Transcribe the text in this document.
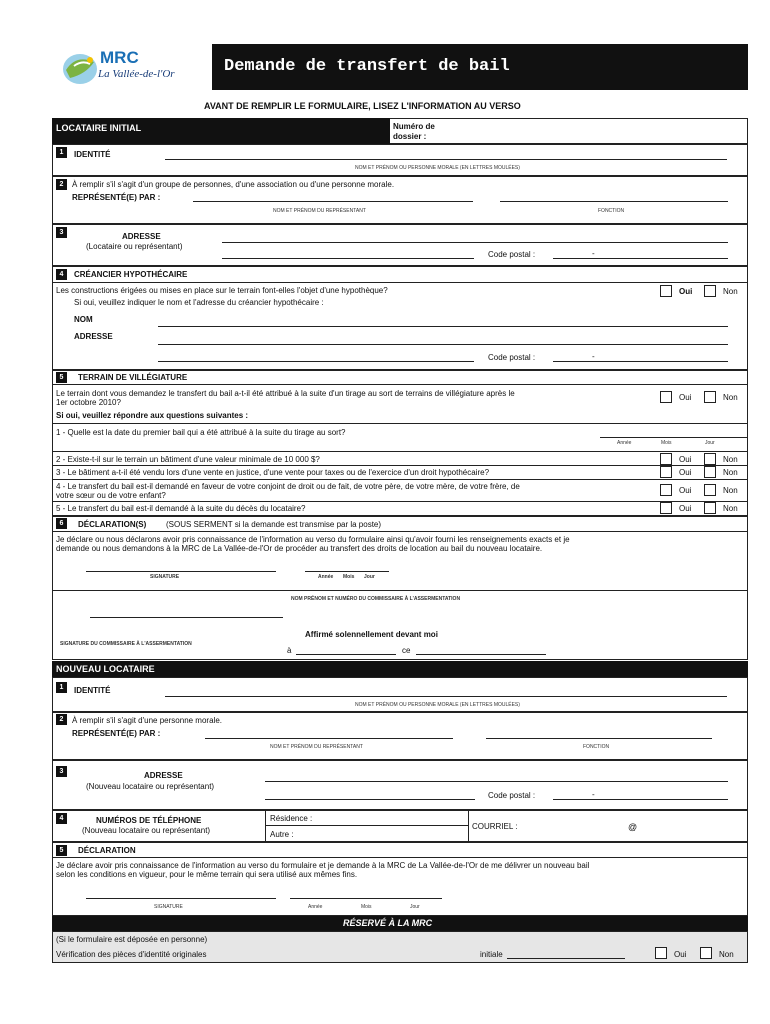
MRC
La Vallée-de-l'Or	Demande de transfert de bail
AVANT DE REMPLIR LE FORMULAIRE, LISEZ L'INFORMATION AU VERSO
LOCATAIRE INITIAL	Numéro de dossier :
1	IDENTITÉ
NOM ET PRÉNOM OU PERSONNE MORALE (EN LETTRES MOULÉES)
2	À remplir s'il s'agit d'un groupe de personnes, d'une association ou d'une personne morale.
REPRÉSENTÉ(E) PAR :
NOM ET PRÉNOM DU REPRÉSENTANT	FONCTION
3	ADRESSE
(Locataire ou représentant)
Code postal :	-
4	CRÉANCIER HYPOTHÉCAIRE
Les constructions érigées ou mises en place sur le terrain font-elles l'objet d'une hypothèque?
Si oui, veuillez indiquer le nom et l'adresse du créancier hypothécaire :
Oui	Non
NOM
ADRESSE
Code postal :	-
5	TERRAIN DE VILLÉGIATURE
Le terrain dont vous demandez le transfert du bail a-t-il été attribué à la suite d'un tirage au sort de terrains de villégiature après le
1er octobre 2010?
Oui	Non
Si oui, veuillez répondre aux questions suivantes :
1 - Quelle est la date du premier bail qui a été attribué à la suite du tirage au sort?
Année	Mois	Jour
2 - Existe-t-il sur le terrain un bâtiment d'une valeur minimale de 10 000 $?	Oui	Non
3 - Le bâtiment a-t-il été vendu lors d'une vente en justice, d'une vente pour taxes ou de l'exercice d'un droit hypothécaire?	Oui	Non
4 - Le transfert du bail est-il demandé en faveur de votre conjoint de droit ou de fait, de votre père, de votre mère, de votre frère, de
votre sœur ou de votre enfant?
Oui	Non
5 - Le transfert du bail est-il demandé à la suite du décès du locataire?	Oui	Non
6	DÉCLARATION(S) (SOUS SERMENT si la demande est transmise par la poste)
Je déclare ou nous déclarons avoir pris connaissance de l'information au verso du formulaire ainsi qu'avoir fourni les renseignements exacts et je
demande ou nous demandons à la MRC de La Vallée-de-l'Or de procéder au transfert des droits de location au bail du nouveau locataire.
SIGNATURE	Année Mois Jour
NOM PRÉNOM ET NUMÉRO DU COMMISSAIRE À L'ASSERMENTATION
Affirmé solennellement devant moi
SIGNATURE DU COMMISSAIRE À L'ASSERMENTATION
à	ce
NOUVEAU LOCATAIRE
1	IDENTITÉ
NOM ET PRÉNOM OU PERSONNE MORALE (EN LETTRES MOULÉES)
2	À remplir s'il s'agit d'une personne morale.
REPRÉSENTÉ(E) PAR :
NOM ET PRÉNOM DU REPRÉSENTANT	FONCTION
3	ADRESSE
(Nouveau locataire ou représentant)
Code postal :	-
4	NUMÉROS DE TÉLÉPHONE
(Nouveau locataire ou représentant)
Résidence :
Autre :
COURRIEL :	@
5	DÉCLARATION
Je déclare avoir pris connaissance de l'information au verso du formulaire et je demande à la MRC de La Vallée-de-l'Or de me délivrer un nouveau bail
selon les conditions en vigueur, pour le même terrain qui sera utilisé aux mêmes fins.
SIGNATURE	Année	Mois	Jour
RÉSERVÉ À LA MRC
(Si le formulaire est déposée en personne)
Vérification des pièces d'identité originales	initiale	Oui	Non
